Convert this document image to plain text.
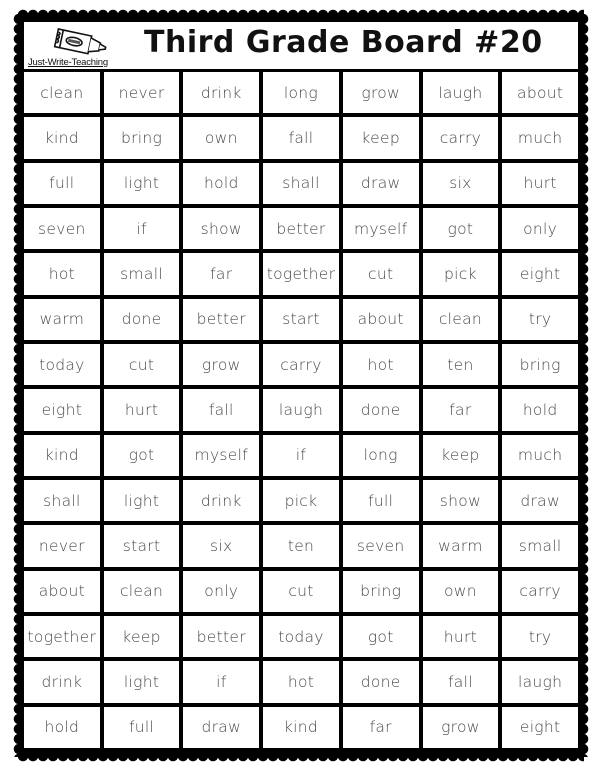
Just-Write-Teaching
Third Grade Board #20
clean	never	drink	long	grow	laugh	about
kind	bring	own	fall	keep	carry	much
full	light	hold	shall	draw	six	hurt
seven	if	show	better	myself	got	only
hot	small	far	together	cut	pick	eight
warm	done	better	start	about	clean	try
today	cut	grow	carry	hot	ten	bring
eight	hurt	fall	laugh	done	far	hold
kind	got	myself	if	long	keep	much
shall	light	drink	pick	full	show	draw
never	start	six	ten	seven	warm	small
about	clean	only	cut	bring	own	carry
together	keep	better	today	got	hurt	try
drink	light	if	hot	done	fall	laugh
hold	full	draw	kind	far	grow	eight
